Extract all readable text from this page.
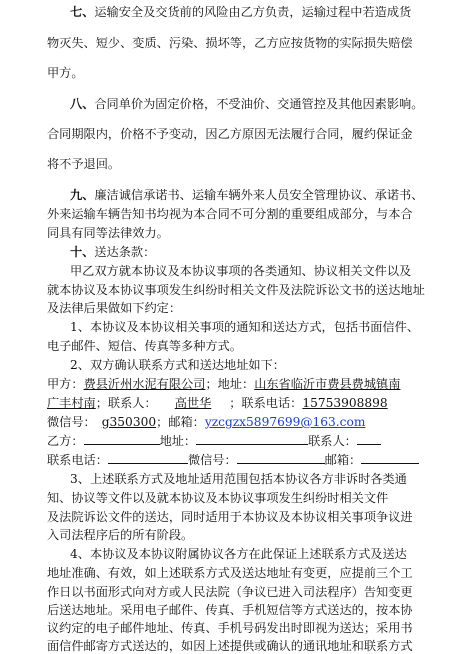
七、运输安全及交货前的风险由乙方负责，运输过程中若造成货
物灭失、短少、变质、污染、损坏等，乙方应按货物的实际损失赔偿
甲方。
八、合同单价为固定价格，不受油价、交通管控及其他因素影响。
合同期限内，价格不予变动，因乙方原因无法履行合同，履约保证金
将不予退回。
九、廉洁诚信承诺书、运输车辆外来人员安全管理协议、承诺书、
外来运输车辆告知书均视为本合同不可分割的重要组成部分，与本合
同具有同等法律效力。
十、送达条款：
甲乙双方就本协议及本协议事项的各类通知、协议相关文件以及
就本协议及本协议事项发生纠纷时相关文件及法院诉讼文书的送达地址
及法律后果做如下约定：
1、本协议及本协议相关事项的通知和送达方式，包括书面信件、
电子邮件、短信、传真等多种方式。
2、双方确认联系方式和送达地址如下：
甲方：费县沂州水泥有限公司；地址：山东省临沂市费县费城镇南
广丰村南；联系人： 高世华 ；联系电话：15753908898
微信号： g350300；邮箱：yzcgzx5897699@163.com
乙方：	地址：	联系人：
联系电话：	微信号：	邮箱：
3、上述联系方式及地址适用范围包括本协议各方非诉时各类通
知、协议等文件以及就本协议及本协议事项发生纠纷时相关文件
及法院诉讼文件的送达，同时适用于本协议及本协议相关事项争议进
入司法程序后的所有阶段。
4、本协议及本协议附属协议各方在此保证上述联系方式及送达
地址准确、有效，如上述联系方式及送达地址有变更，应提前三个工
作日以书面形式向对方或人民法院（争议已进入司法程序）告知变更
后送达地址。采用电子邮件、传真、手机短信等方式送达的，按本协
议约定的电子邮件地址、传真、手机号码发出时即视为送达；采用书
面信件邮寄方式送达的，如因上述提供或确认的通讯地址和联系方式
